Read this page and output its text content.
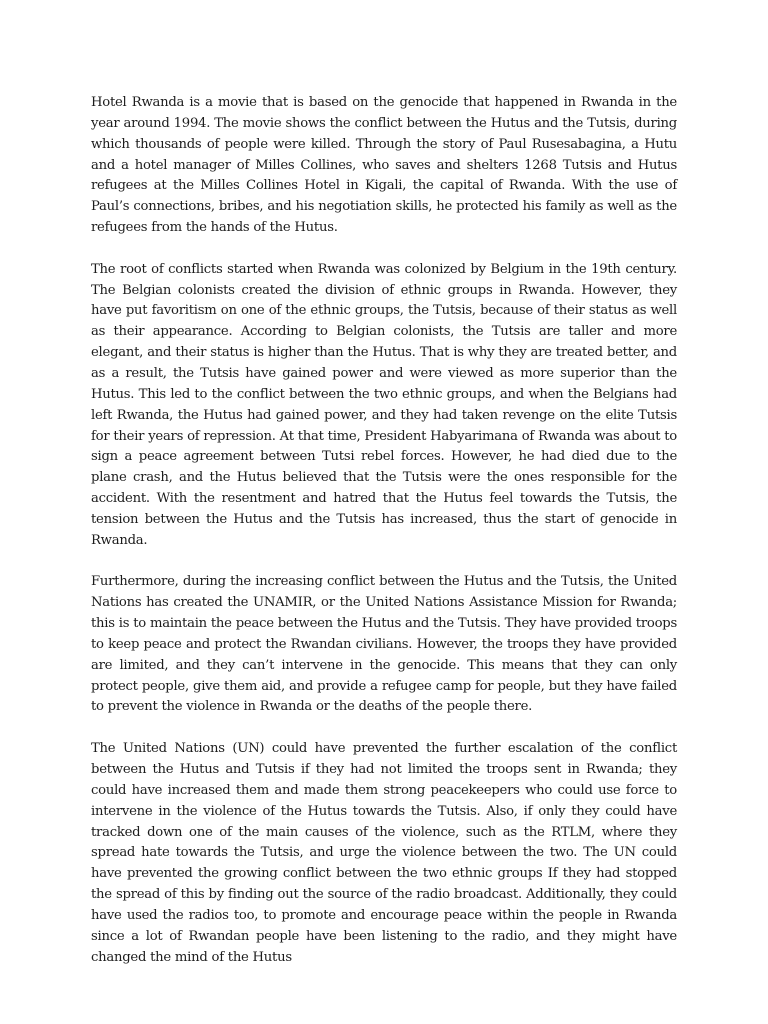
Hotel Rwanda is a movie that is based on the genocide that happened in Rwanda in the year around 1994. The movie shows the conflict between the Hutus and the Tutsis, during which thousands of people were killed. Through the story of Paul Rusesabagina, a Hutu and a hotel manager of Milles Collines, who saves and shelters 1268 Tutsis and Hutus refugees at the Milles Collines Hotel in Kigali, the capital of Rwanda. With the use of Paul’s connections, bribes, and his negotiation skills, he protected his family as well as the refugees from the hands of the Hutus.

The root of conflicts started when Rwanda was colonized by Belgium in the 19th century. The Belgian colonists created the division of ethnic groups in Rwanda. However, they have put favoritism on one of the ethnic groups, the Tutsis, because of their status as well as their appearance. According to Belgian colonists, the Tutsis are taller and more elegant, and their status is higher than the Hutus. That is why they are treated better, and as a result, the Tutsis have gained power and were viewed as more superior than the Hutus. This led to the conflict between the two ethnic groups, and when the Belgians had left Rwanda, the Hutus had gained power, and they had taken revenge on the elite Tutsis for their years of repression. At that time, President Habyarimana of Rwanda was about to sign a peace agreement between Tutsi rebel forces. However, he had died due to the plane crash, and the Hutus believed that the Tutsis were the ones responsible for the accident. With the resentment and hatred that the Hutus feel towards the Tutsis, the tension between the Hutus and the Tutsis has increased, thus the start of genocide in Rwanda.

Furthermore, during the increasing conflict between the Hutus and the Tutsis, the United Nations has created the UNAMIR, or the United Nations Assistance Mission for Rwanda; this is to maintain the peace between the Hutus and the Tutsis. They have provided troops to keep peace and protect the Rwandan civilians. However, the troops they have provided are limited, and they can’t intervene in the genocide. This means that they can only protect people, give them aid, and provide a refugee camp for people, but they have failed to prevent the violence in Rwanda or the deaths of the people there.

The United Nations (UN) could have prevented the further escalation of the conflict between the Hutus and Tutsis if they had not limited the troops sent in Rwanda; they could have increased them and made them strong peacekeepers who could use force to intervene in the violence of the Hutus towards the Tutsis. Also, if only they could have tracked down one of the main causes of the violence, such as the RTLM, where they spread hate towards the Tutsis, and urge the violence between the two. The UN could have prevented the growing conflict between the two ethnic groups If they had stopped the spread of this by finding out the source of the radio broadcast. Additionally, they could have used the radios too, to promote and encourage peace within the people in Rwanda since a lot of Rwandan people have been listening to the radio, and they might have changed the mind of the Hutus
